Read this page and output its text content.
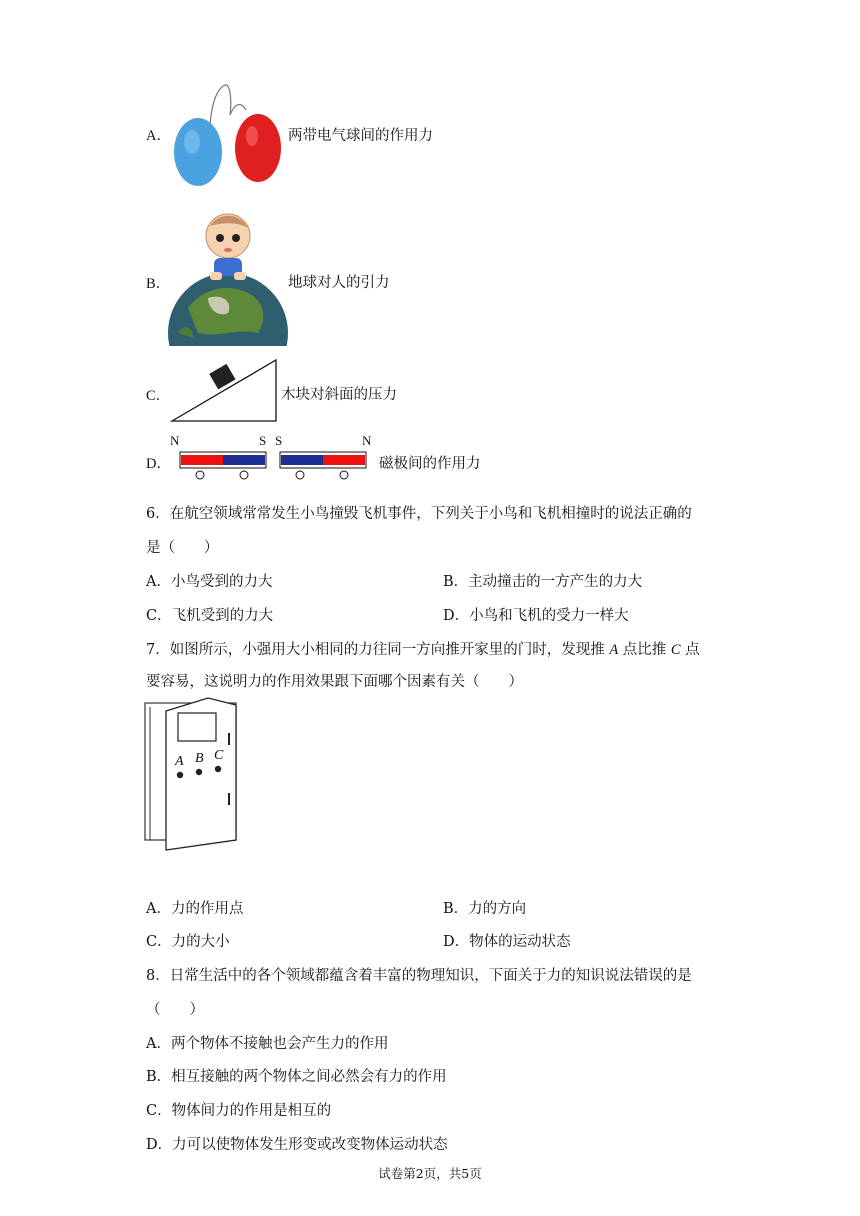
A．	两带电气球间的作用力
B．	地球对人的引力
C．	木块对斜面的压力
D．
N	S S	N
磁极间的作用力
6．在航空领域常常发生小鸟撞毁飞机事件，下列关于小鸟和飞机相撞时的说法正确的
是（　　）
A．小鸟受到的力大	B．主动撞击的一方产生的力大
C．飞机受到的力大	D．小鸟和飞机的受力一样大
7．如图所示，小强用大小相同的力往同一方向推开家里的门时，发现推 A 点比推 C 点
要容易，这说明力的作用效果跟下面哪个因素有关（　　）
A B C
A．力的作用点	B．力的方向
C．力的大小	D．物体的运动状态
8．日常生活中的各个领域都蕴含着丰富的物理知识，下面关于力的知识说法错误的是
（　　）
A．两个物体不接触也会产生力的作用
B．相互接触的两个物体之间必然会有力的作用
C．物体间力的作用是相互的
D．力可以使物体发生形变或改变物体运动状态
试卷第2页，共5页
